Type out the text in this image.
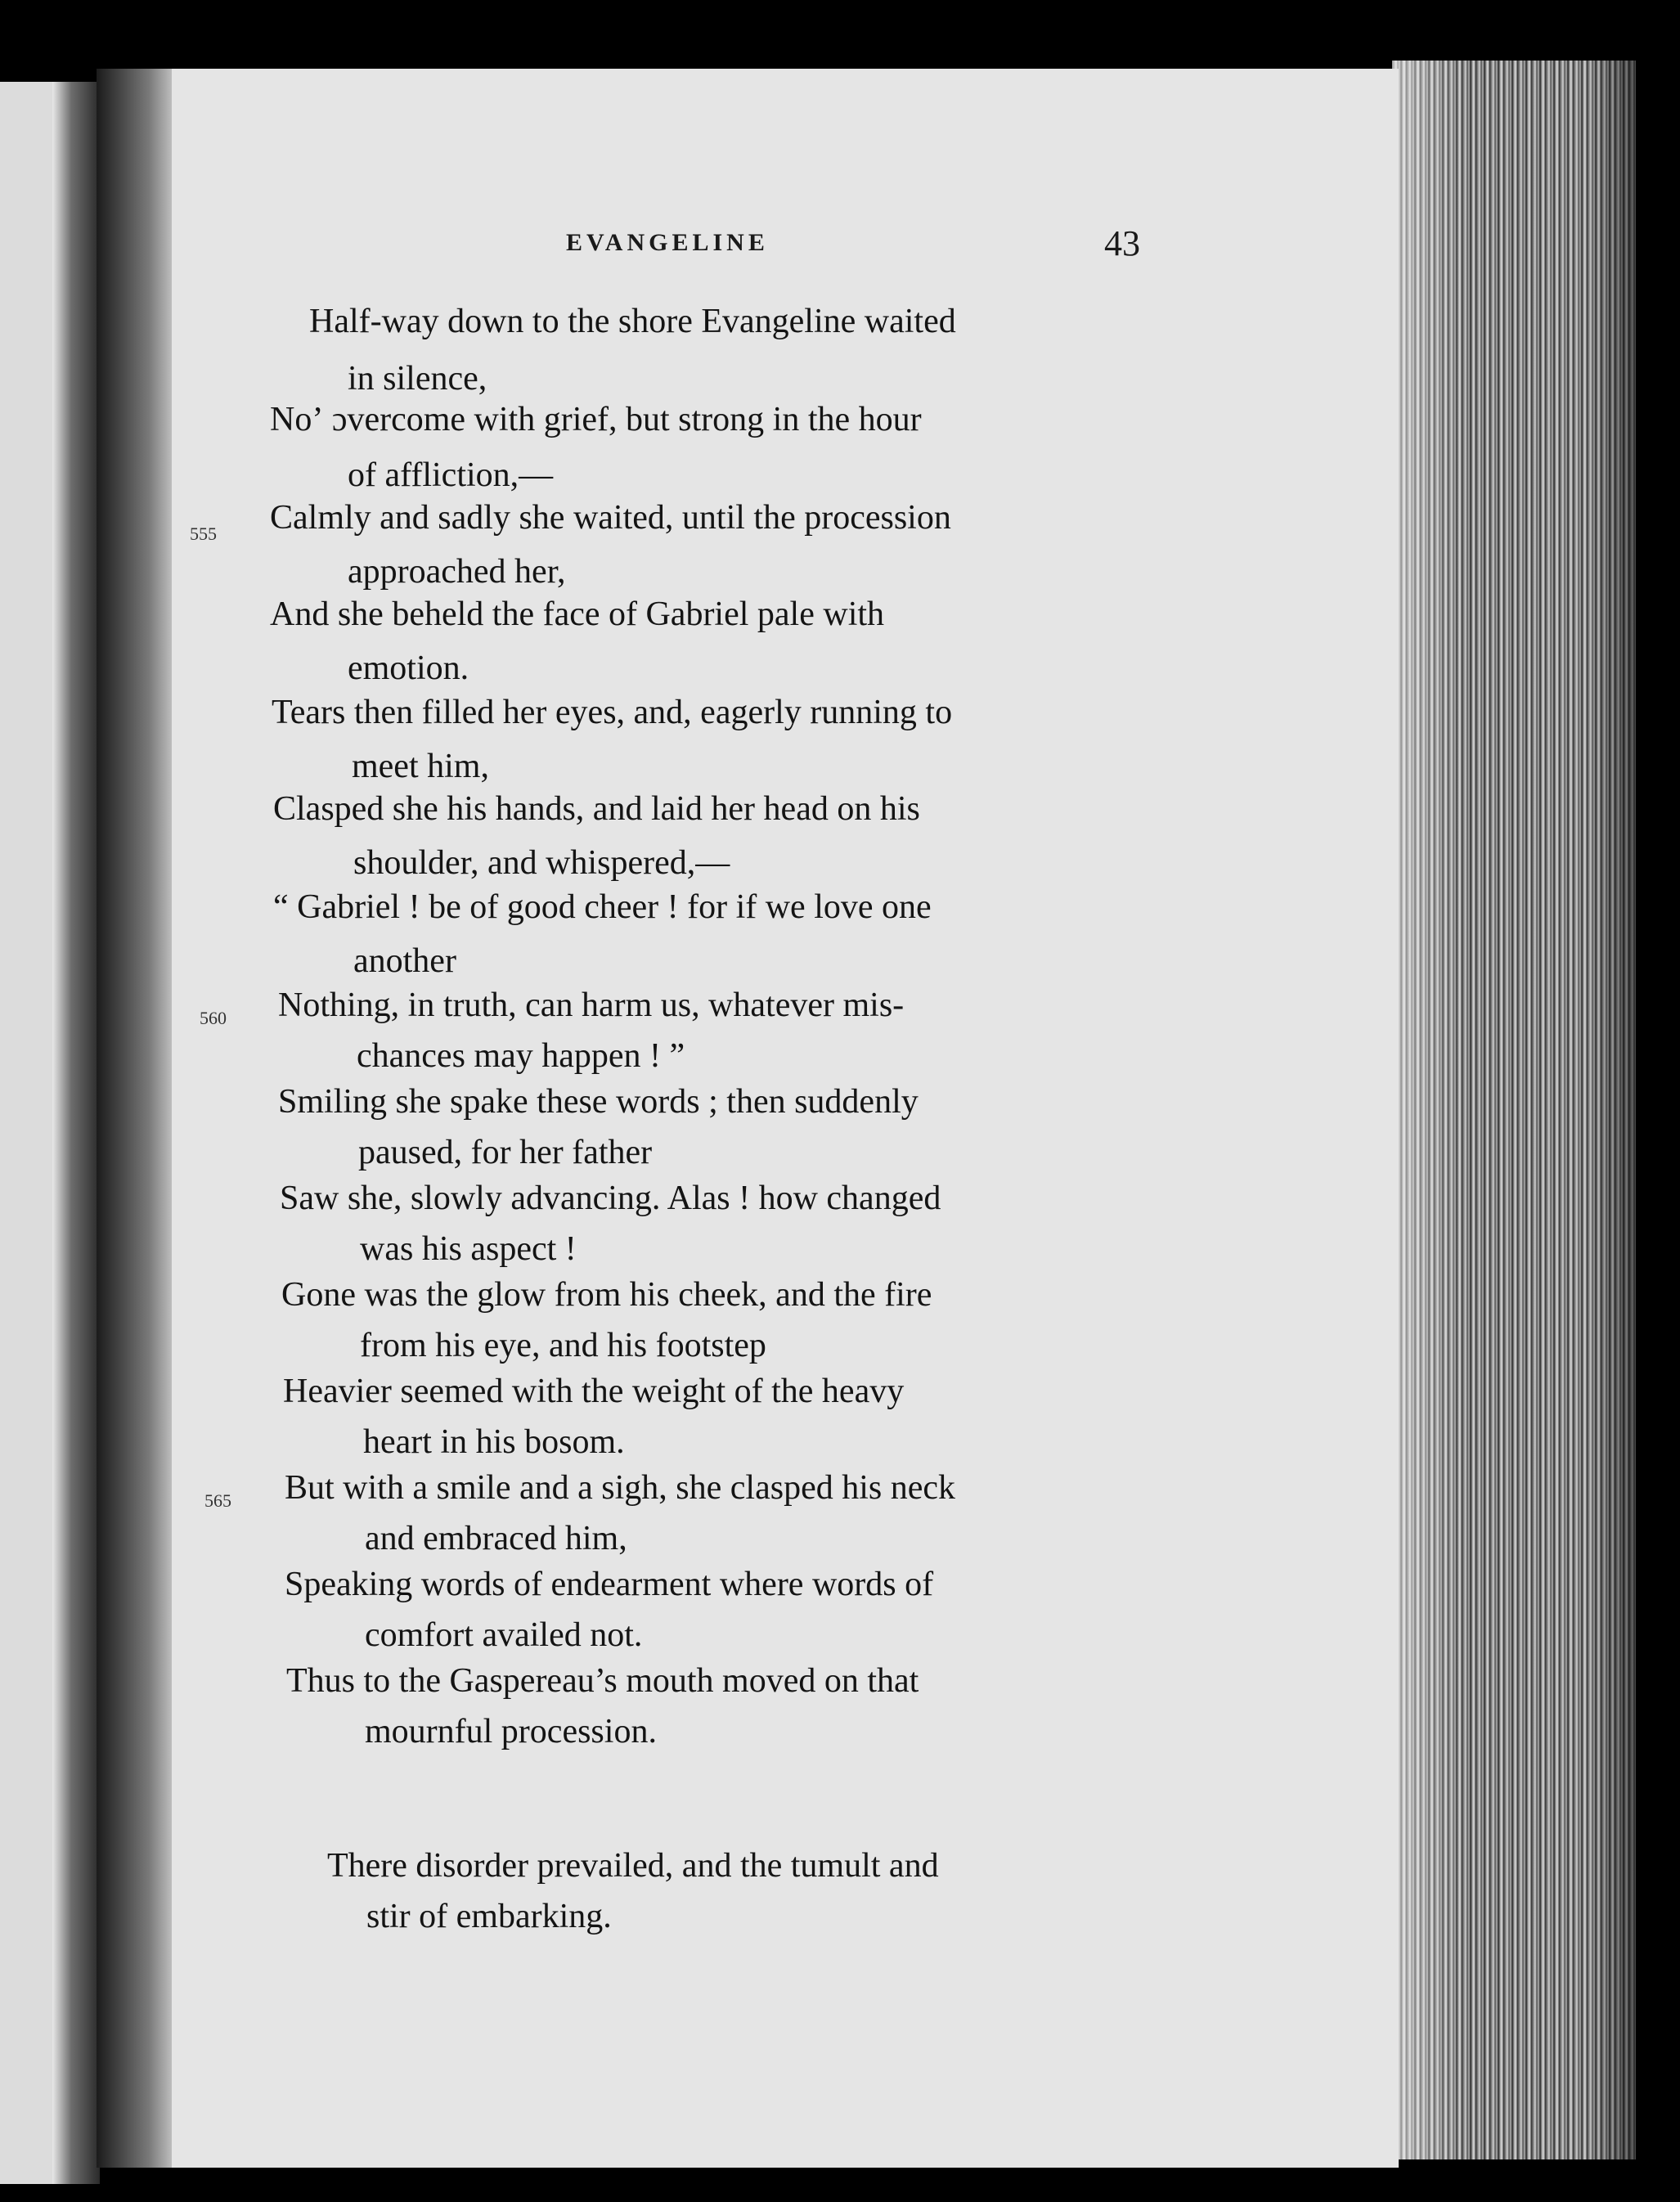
EVANGELINE	43
Half-way down to the shore Evangeline waited
in silence,
Noʼ ɔvercome with grief, but strong in the hour
of affliction,—
Calmly and sadly she waited, until the procession
approached her,
And she beheld the face of Gabriel pale with
emotion.
Tears then filled her eyes, and, eagerly running to
meet him,
Clasped she his hands, and laid her head on his
shoulder, and whispered,—
“ Gabriel ! be of good cheer ! for if we love one
another
Nothing, in truth, can harm us, whatever mis-
chances may happen ! ”
Smiling she spake these words ; then suddenly
paused, for her father
Saw she, slowly advancing. Alas ! how changed
was his aspect !
Gone was the glow from his cheek, and the fire
from his eye, and his footstep
Heavier seemed with the weight of the heavy
heart in his bosom.
But with a smile and a sigh, she clasped his neck
and embraced him,
Speaking words of endearment where words of
comfort availed not.
Thus to the Gaspereau’s mouth moved on that
mournful procession.
There disorder prevailed, and the tumult and
stir of embarking.
555
560
565
